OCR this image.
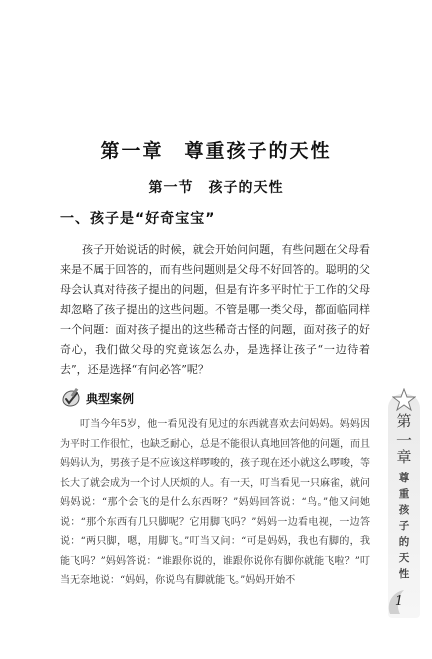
第一章　尊重孩子的天性
第一节　孩子的天性
一、孩子是“好奇宝宝”

孩子开始说话的时候，就会开始问问题，有些问题在父母看来是不属于回答的，而有些问题则是父母不好回答的。聪明的父母会认真对待孩子提出的问题，但是有许多平时忙于工作的父母却忽略了孩子提出的这些问题。不管是哪一类父母，都面临同样一个问题：面对孩子提出的这些稀奇古怪的问题，面对孩子的好奇心，我们做父母的究竟该怎么办，是选择让孩子“一边待着去”，还是选择“有问必答”呢？

典型案例

叮当今年5岁，他一看见没有见过的东西就喜欢去问妈妈。妈妈因为平时工作很忙，也缺乏耐心，总是不能很认真地回答他的问题，而且妈妈认为，男孩子是不应该这样啰唆的，孩子现在还小就这么啰唆，等长大了就会成为一个讨人厌烦的人。有一天，叮当看见一只麻雀，就问妈妈说：“那个会飞的是什么东西呀？”妈妈回答说：“鸟。”他又问她说：“那个东西有几只脚呢？它用脚飞吗？”妈妈一边看电视，一边答说：“两只脚，嗯，用脚飞。”叮当又问：“可是妈妈，我也有脚的，我能飞吗？”妈妈答说：“谁跟你说的，谁跟你说你有脚你就能飞啦？”叮当无奈地说：“妈妈，你说鸟有脚就能飞。”妈妈开始不

第
一
章
尊
重
孩
子
的
天
性
1
